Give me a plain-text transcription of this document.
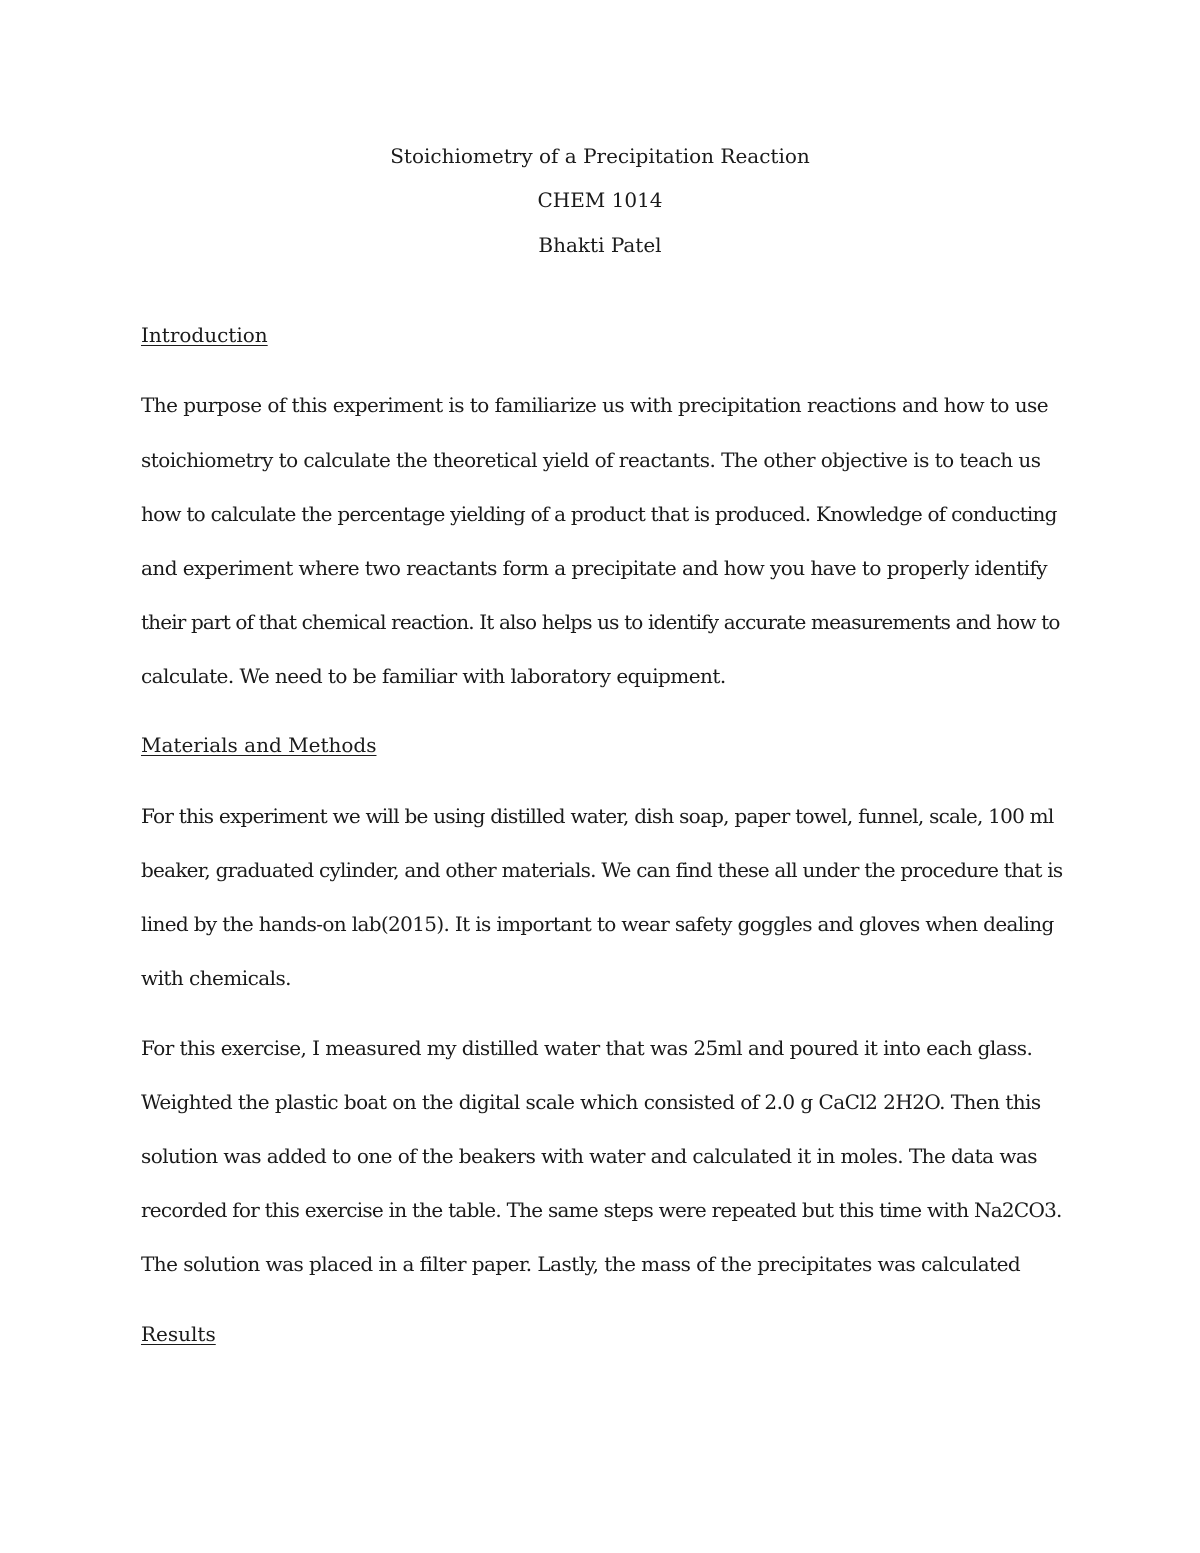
Stoichiometry of a Precipitation Reaction
CHEM 1014
Bhakti Patel
Introduction
The purpose of this experiment is to familiarize us with precipitation reactions and how to use
stoichiometry to calculate the theoretical yield of reactants. The other objective is to teach us
how to calculate the percentage yielding of a product that is produced. Knowledge of conducting
and experiment where two reactants form a precipitate and how you have to properly identify
their part of that chemical reaction. It also helps us to identify accurate measurements and how to
calculate. We need to be familiar with laboratory equipment.
Materials and Methods
For this experiment we will be using distilled water, dish soap, paper towel, funnel, scale, 100 ml
beaker, graduated cylinder, and other materials. We can find these all under the procedure that is
lined by the hands-on lab(2015). It is important to wear safety goggles and gloves when dealing
with chemicals.
For this exercise, I measured my distilled water that was 25ml and poured it into each glass.
Weighted the plastic boat on the digital scale which consisted of 2.0 g CaCl2 2H2O. Then this
solution was added to one of the beakers with water and calculated it in moles. The data was
recorded for this exercise in the table. The same steps were repeated but this time with Na2CO3.
The solution was placed in a filter paper. Lastly, the mass of the precipitates was calculated
Results
